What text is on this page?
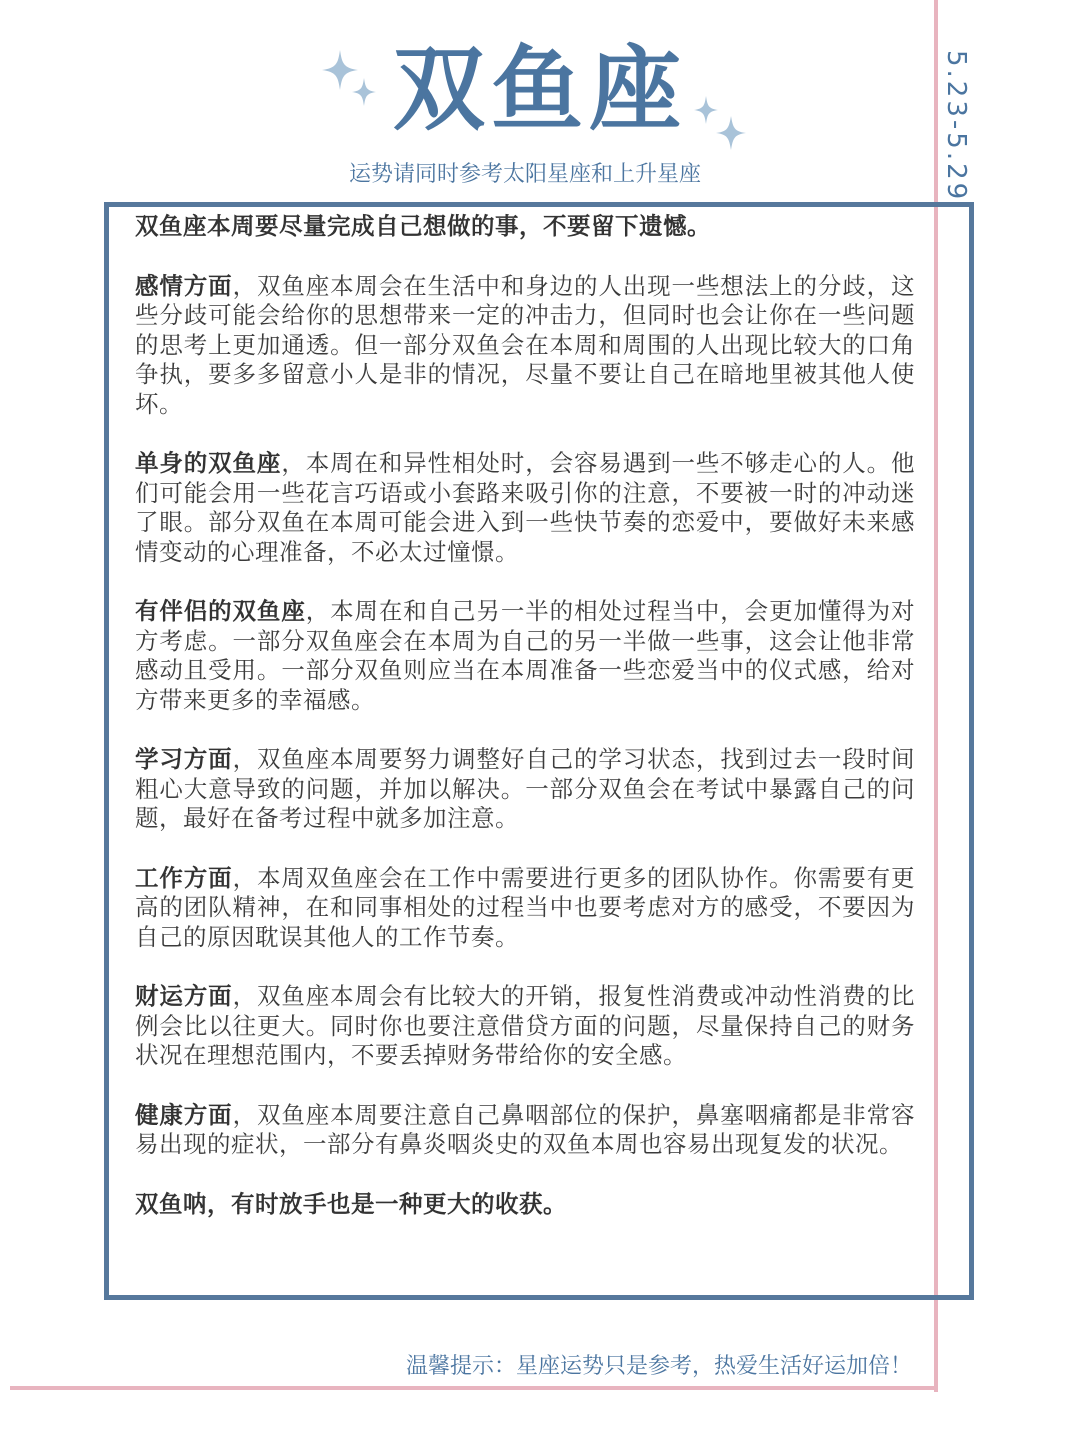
双鱼座
运势请同时参考太阳星座和上升星座	5.23-5.29

双鱼座本周要尽量完成自己想做的事，不要留下遗憾。

感情方面，双鱼座本周会在生活中和身边的人出现一些想法上的分歧，这些分歧可能会给你的思想带来一定的冲击力，但同时也会让你在一些问题的思考上更加通透。但一部分双鱼会在本周和周围的人出现比较大的口角争执，要多多留意小人是非的情况，尽量不要让自己在暗地里被其他人使坏。

单身的双鱼座，本周在和异性相处时，会容易遇到一些不够走心的人。他们可能会用一些花言巧语或小套路来吸引你的注意，不要被一时的冲动迷了眼。部分双鱼在本周可能会进入到一些快节奏的恋爱中，要做好未来感情变动的心理准备，不必太过憧憬。

有伴侣的双鱼座，本周在和自己另一半的相处过程当中，会更加懂得为对方考虑。一部分双鱼座会在本周为自己的另一半做一些事，这会让他非常感动且受用。一部分双鱼则应当在本周准备一些恋爱当中的仪式感，给对方带来更多的幸福感。

学习方面，双鱼座本周要努力调整好自己的学习状态，找到过去一段时间粗心大意导致的问题，并加以解决。一部分双鱼会在考试中暴露自己的问题，最好在备考过程中就多加注意。

工作方面，本周双鱼座会在工作中需要进行更多的团队协作。你需要有更高的团队精神，在和同事相处的过程当中也要考虑对方的感受，不要因为自己的原因耽误其他人的工作节奏。

财运方面，双鱼座本周会有比较大的开销，报复性消费或冲动性消费的比例会比以往更大。同时你也要注意借贷方面的问题，尽量保持自己的财务状况在理想范围内，不要丢掉财务带给你的安全感。

健康方面，双鱼座本周要注意自己鼻咽部位的保护，鼻塞咽痛都是非常容易出现的症状，一部分有鼻炎咽炎史的双鱼本周也容易出现复发的状况。

双鱼呐，有时放手也是一种更大的收获。

温馨提示：星座运势只是参考，热爱生活好运加倍！
